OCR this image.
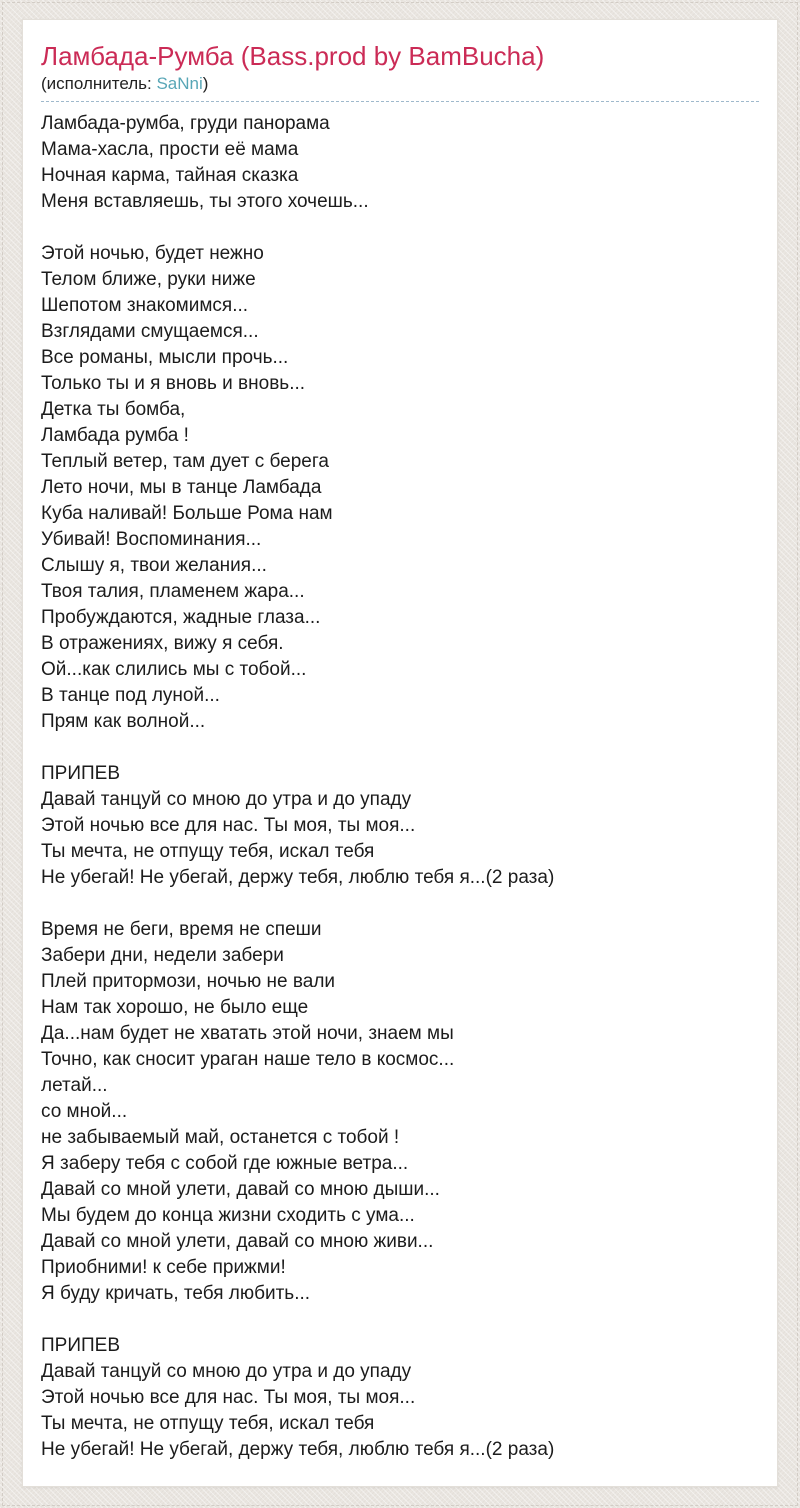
Ламбада-Румба (Bass.prod by BamBucha)
(исполнитель: SaNni)
Ламбада-румба, груди панорама
Мама-хасла, прости её мама
Ночная карма, тайная сказка
Меня вставляешь, ты этого хочешь...
Этой ночью, будет нежно
Телом ближе, руки ниже
Шепотом знакомимся...
Взглядами смущаемся...
Все романы, мысли прочь...
Только ты и я вновь и вновь...
Детка ты бомба,
Ламбада румба !
Теплый ветер, там дует с берега
Лето ночи, мы в танце Ламбада
Куба наливай! Больше Рома нам
Убивай! Воспоминания...
Слышу я, твои желания...
Твоя талия, пламенем жара...
Пробуждаются, жадные глаза...
В отражениях, вижу я себя.
Ой...как слились мы с тобой...
В танце под луной...
Прям как волной...
ПРИПЕВ
Давай танцуй со мною до утра и до упаду
Этой ночью все для нас. Ты моя, ты моя...
Ты мечта, не отпущу тебя, искал тебя
Не убегай! Не убегай, держу тебя, люблю тебя я...(2 раза)
Время не беги, время не спеши
Забери дни, недели забери
Плей притормози, ночью не вали
Нам так хорошо, не было еще
Да...нам будет не хватать этой ночи, знаем мы
Точно, как сносит ураган наше тело в космос...
летай...
со мной...
не забываемый май, останется с тобой !
Я заберу тебя с собой где южные ветра...
Давай со мной улети, давай со мною дыши...
Мы будем до конца жизни сходить с ума...
Давай со мной улети, давай со мною живи...
Приобними! к себе прижми!
Я буду кричать, тебя любить...
ПРИПЕВ
Давай танцуй со мною до утра и до упаду
Этой ночью все для нас. Ты моя, ты моя...
Ты мечта, не отпущу тебя, искал тебя
Не убегай! Не убегай, держу тебя, люблю тебя я...(2 раза)
